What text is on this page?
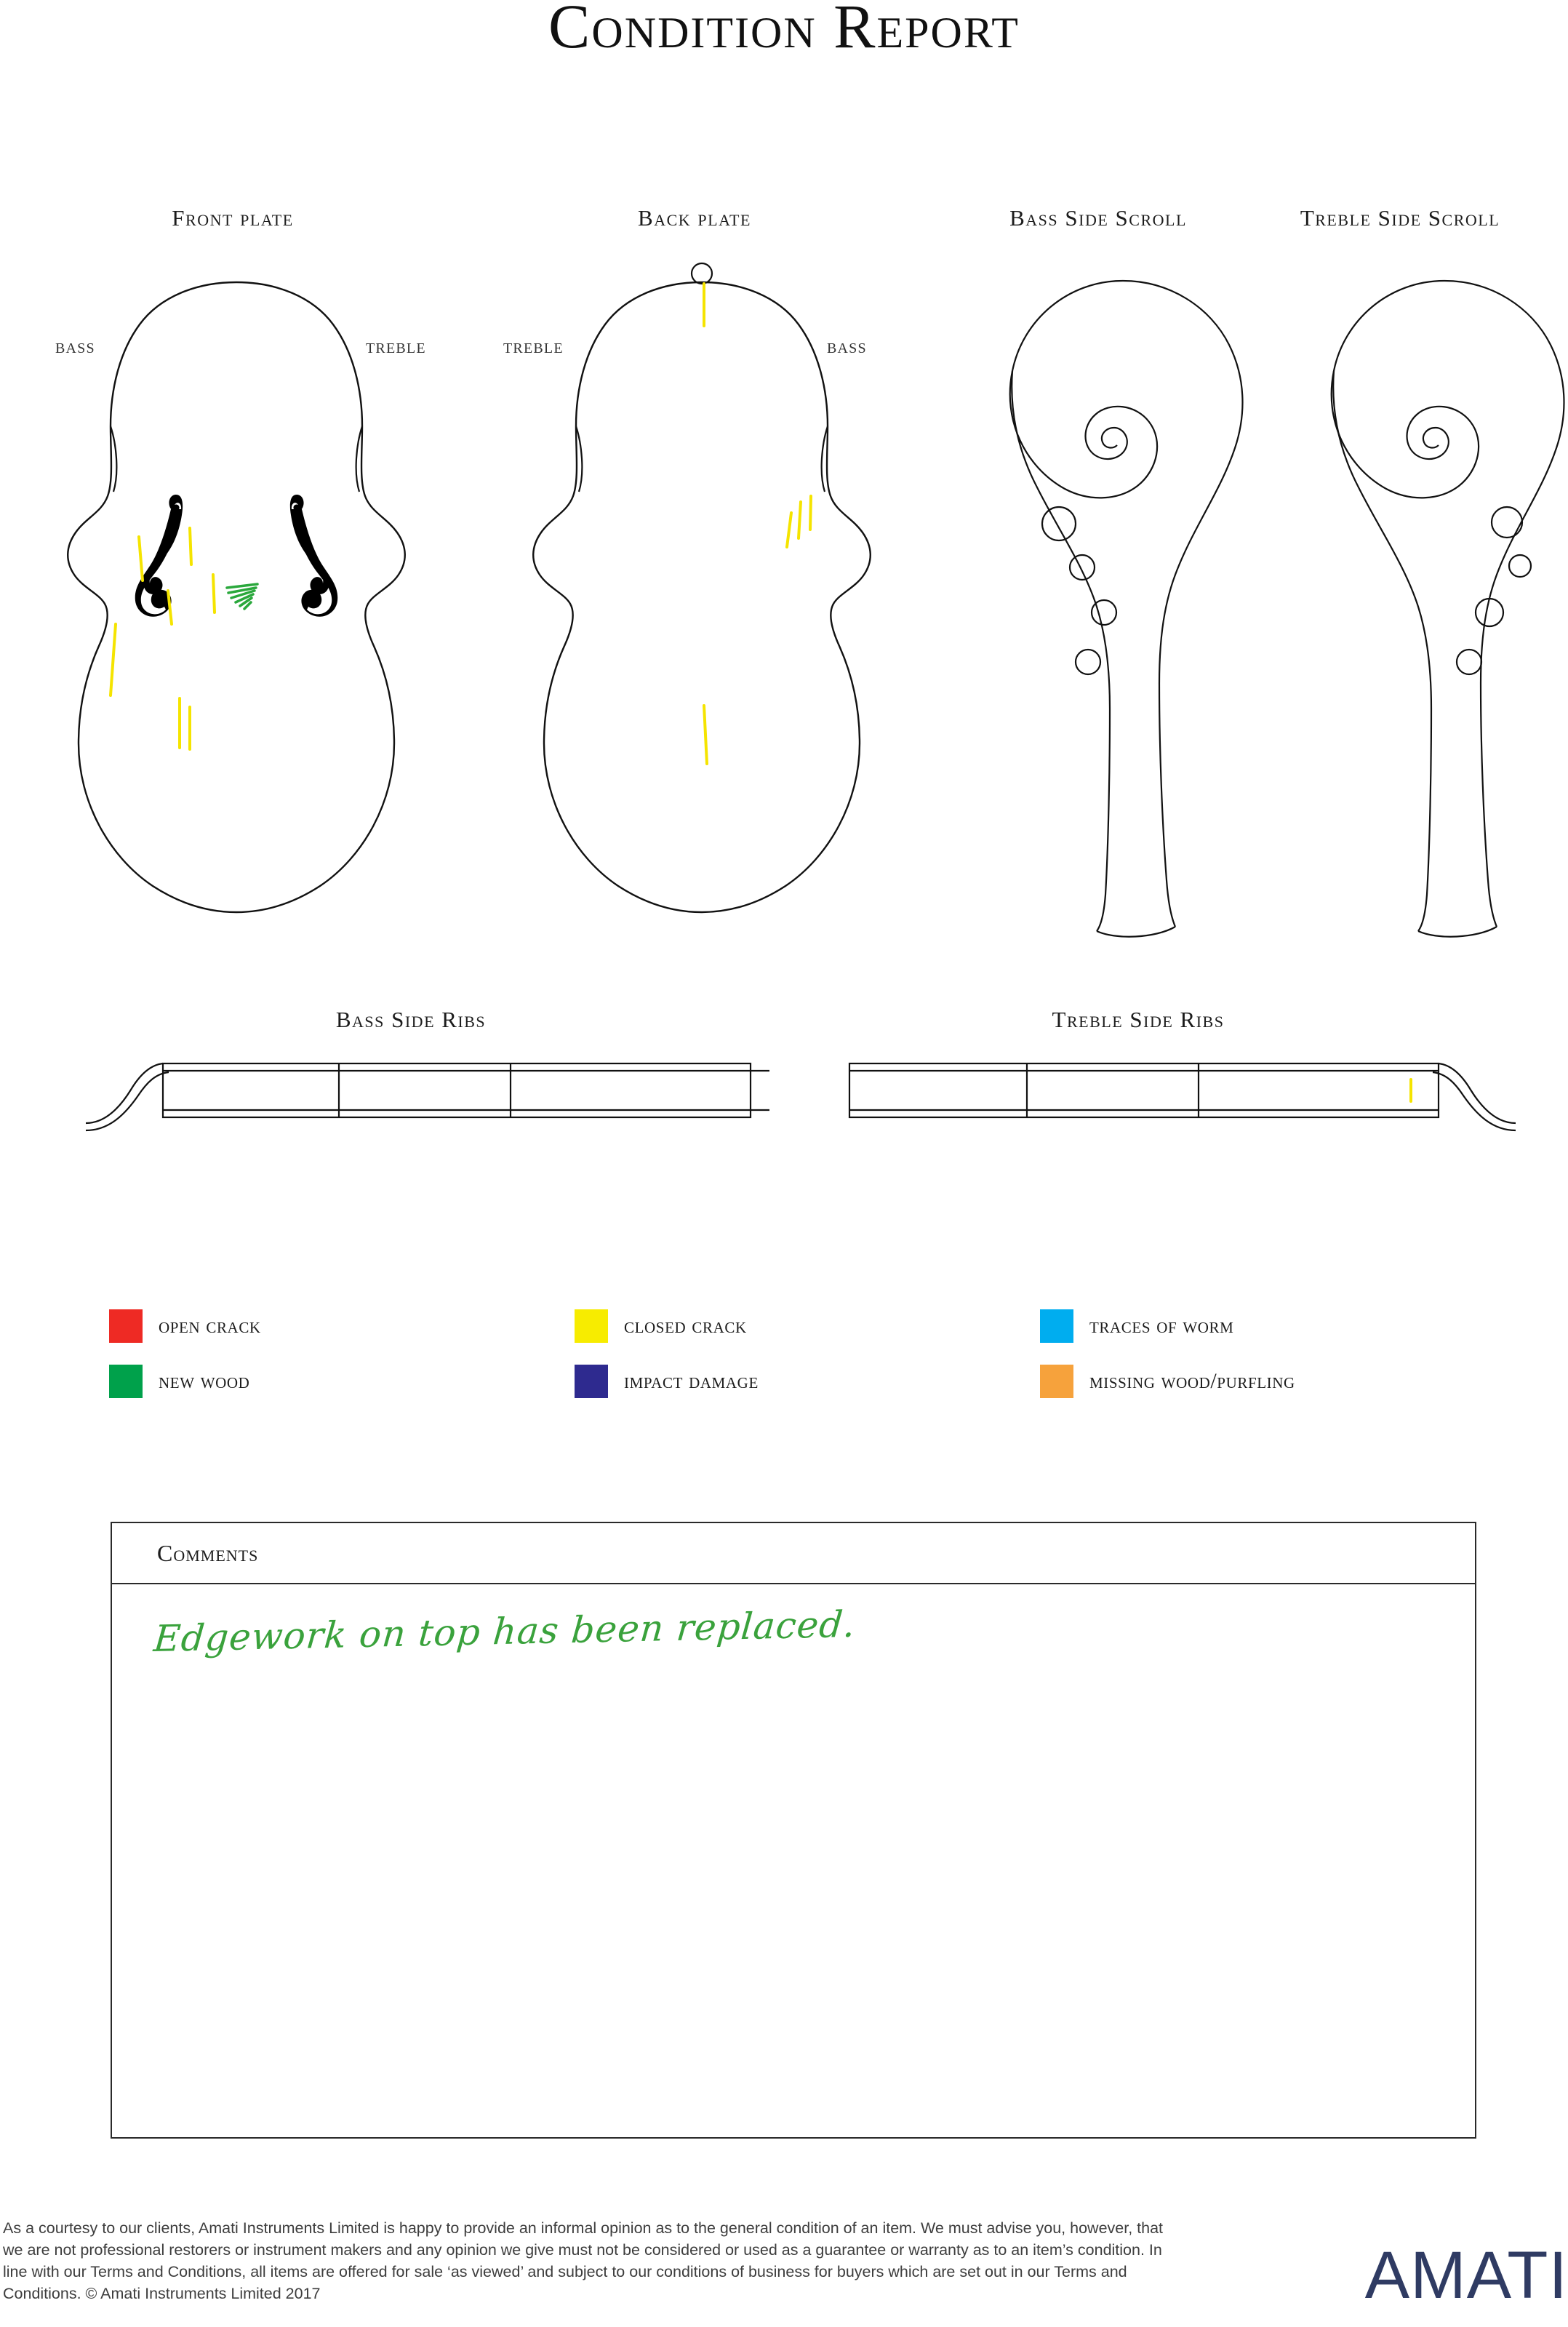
Condition Report
Front plate	Back plate	Bass Side Scroll	Treble Side Scroll
BASS	TREBLE	TREBLE	BASS
Bass Side Ribs	Treble Side Ribs
open crack	closed crack	traces of worm
new wood	impact damage	missing wood/purfling
Comments
Edgework on top has been replaced.
As a courtesy to our clients, Amati Instruments Limited is happy to provide an informal opinion as to the general condition of an item. We must advise you, however, that we are not professional restorers or instrument makers and any opinion we give must not be considered or used as a guarantee or warranty as to an item’s condition. In line with our Terms and Conditions, all items are offered for sale ‘as viewed’ and subject to our conditions of business for buyers which are set out in our Terms and Conditions. © Amati Instruments Limited 2017	AMATI
